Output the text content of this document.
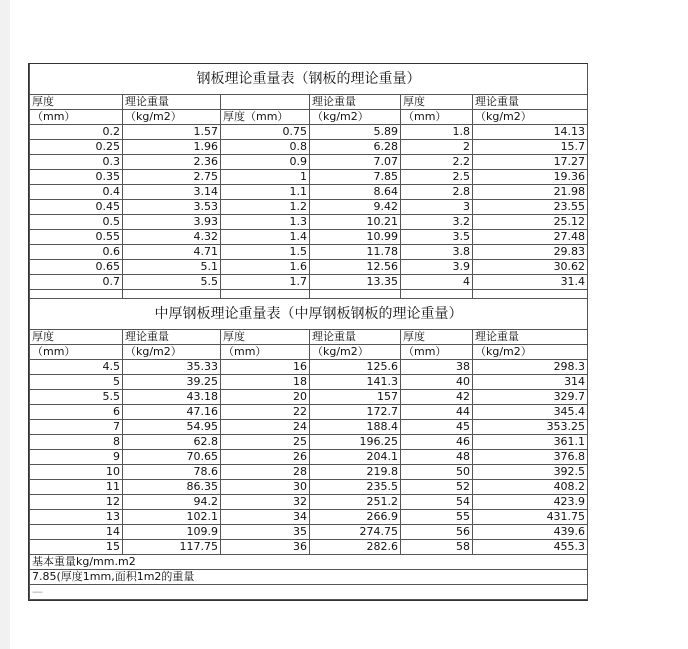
钢板理论重量表（钢板的理论重量）					
厚度	理论重量		理论重量	厚度	理论重量
（mm）	（kg/m2）	厚度（mm）	（kg/m2）	（mm）	（kg/m2）
0.2	1.57	0.75	5.89	1.8	14.13
0.25	1.96	0.8	6.28	2	15.7
0.3	2.36	0.9	7.07	2.2	17.27
0.35	2.75	1	7.85	2.5	19.36
0.4	3.14	1.1	8.64	2.8	21.98
0.45	3.53	1.2	9.42	3	23.55
0.5	3.93	1.3	10.21	3.2	25.12
0.55	4.32	1.4	10.99	3.5	27.48
0.6	4.71	1.5	11.78	3.8	29.83
0.65	5.1	1.6	12.56	3.9	30.62
0.7	5.5	1.7	13.35	4	31.4

中厚钢板理论重量表（中厚钢板钢板的理论重量）					
厚度	理论重量	厚度	理论重量	厚度	理论重量
（mm）	（kg/m2）	（mm）	（kg/m2）	（mm）	（kg/m2）
4.5	35.33	16	125.6	38	298.3
5	39.25	18	141.3	40	314
5.5	43.18	20	157	42	329.7
6	47.16	22	172.7	44	345.4
7	54.95	24	188.4	45	353.25
8	62.8	25	196.25	46	361.1
9	70.65	26	204.1	48	376.8
10	78.6	28	219.8	50	392.5
11	86.35	30	235.5	52	408.2
12	94.2	32	251.2	54	423.9
13	102.1	34	266.9	55	431.75
14	109.9	35	274.75	56	439.6
15	117.75	36	282.6	58	455.3
基本重量kg/mm.m2					
7.85(厚度1mm,面积1m2的重量					
—					
